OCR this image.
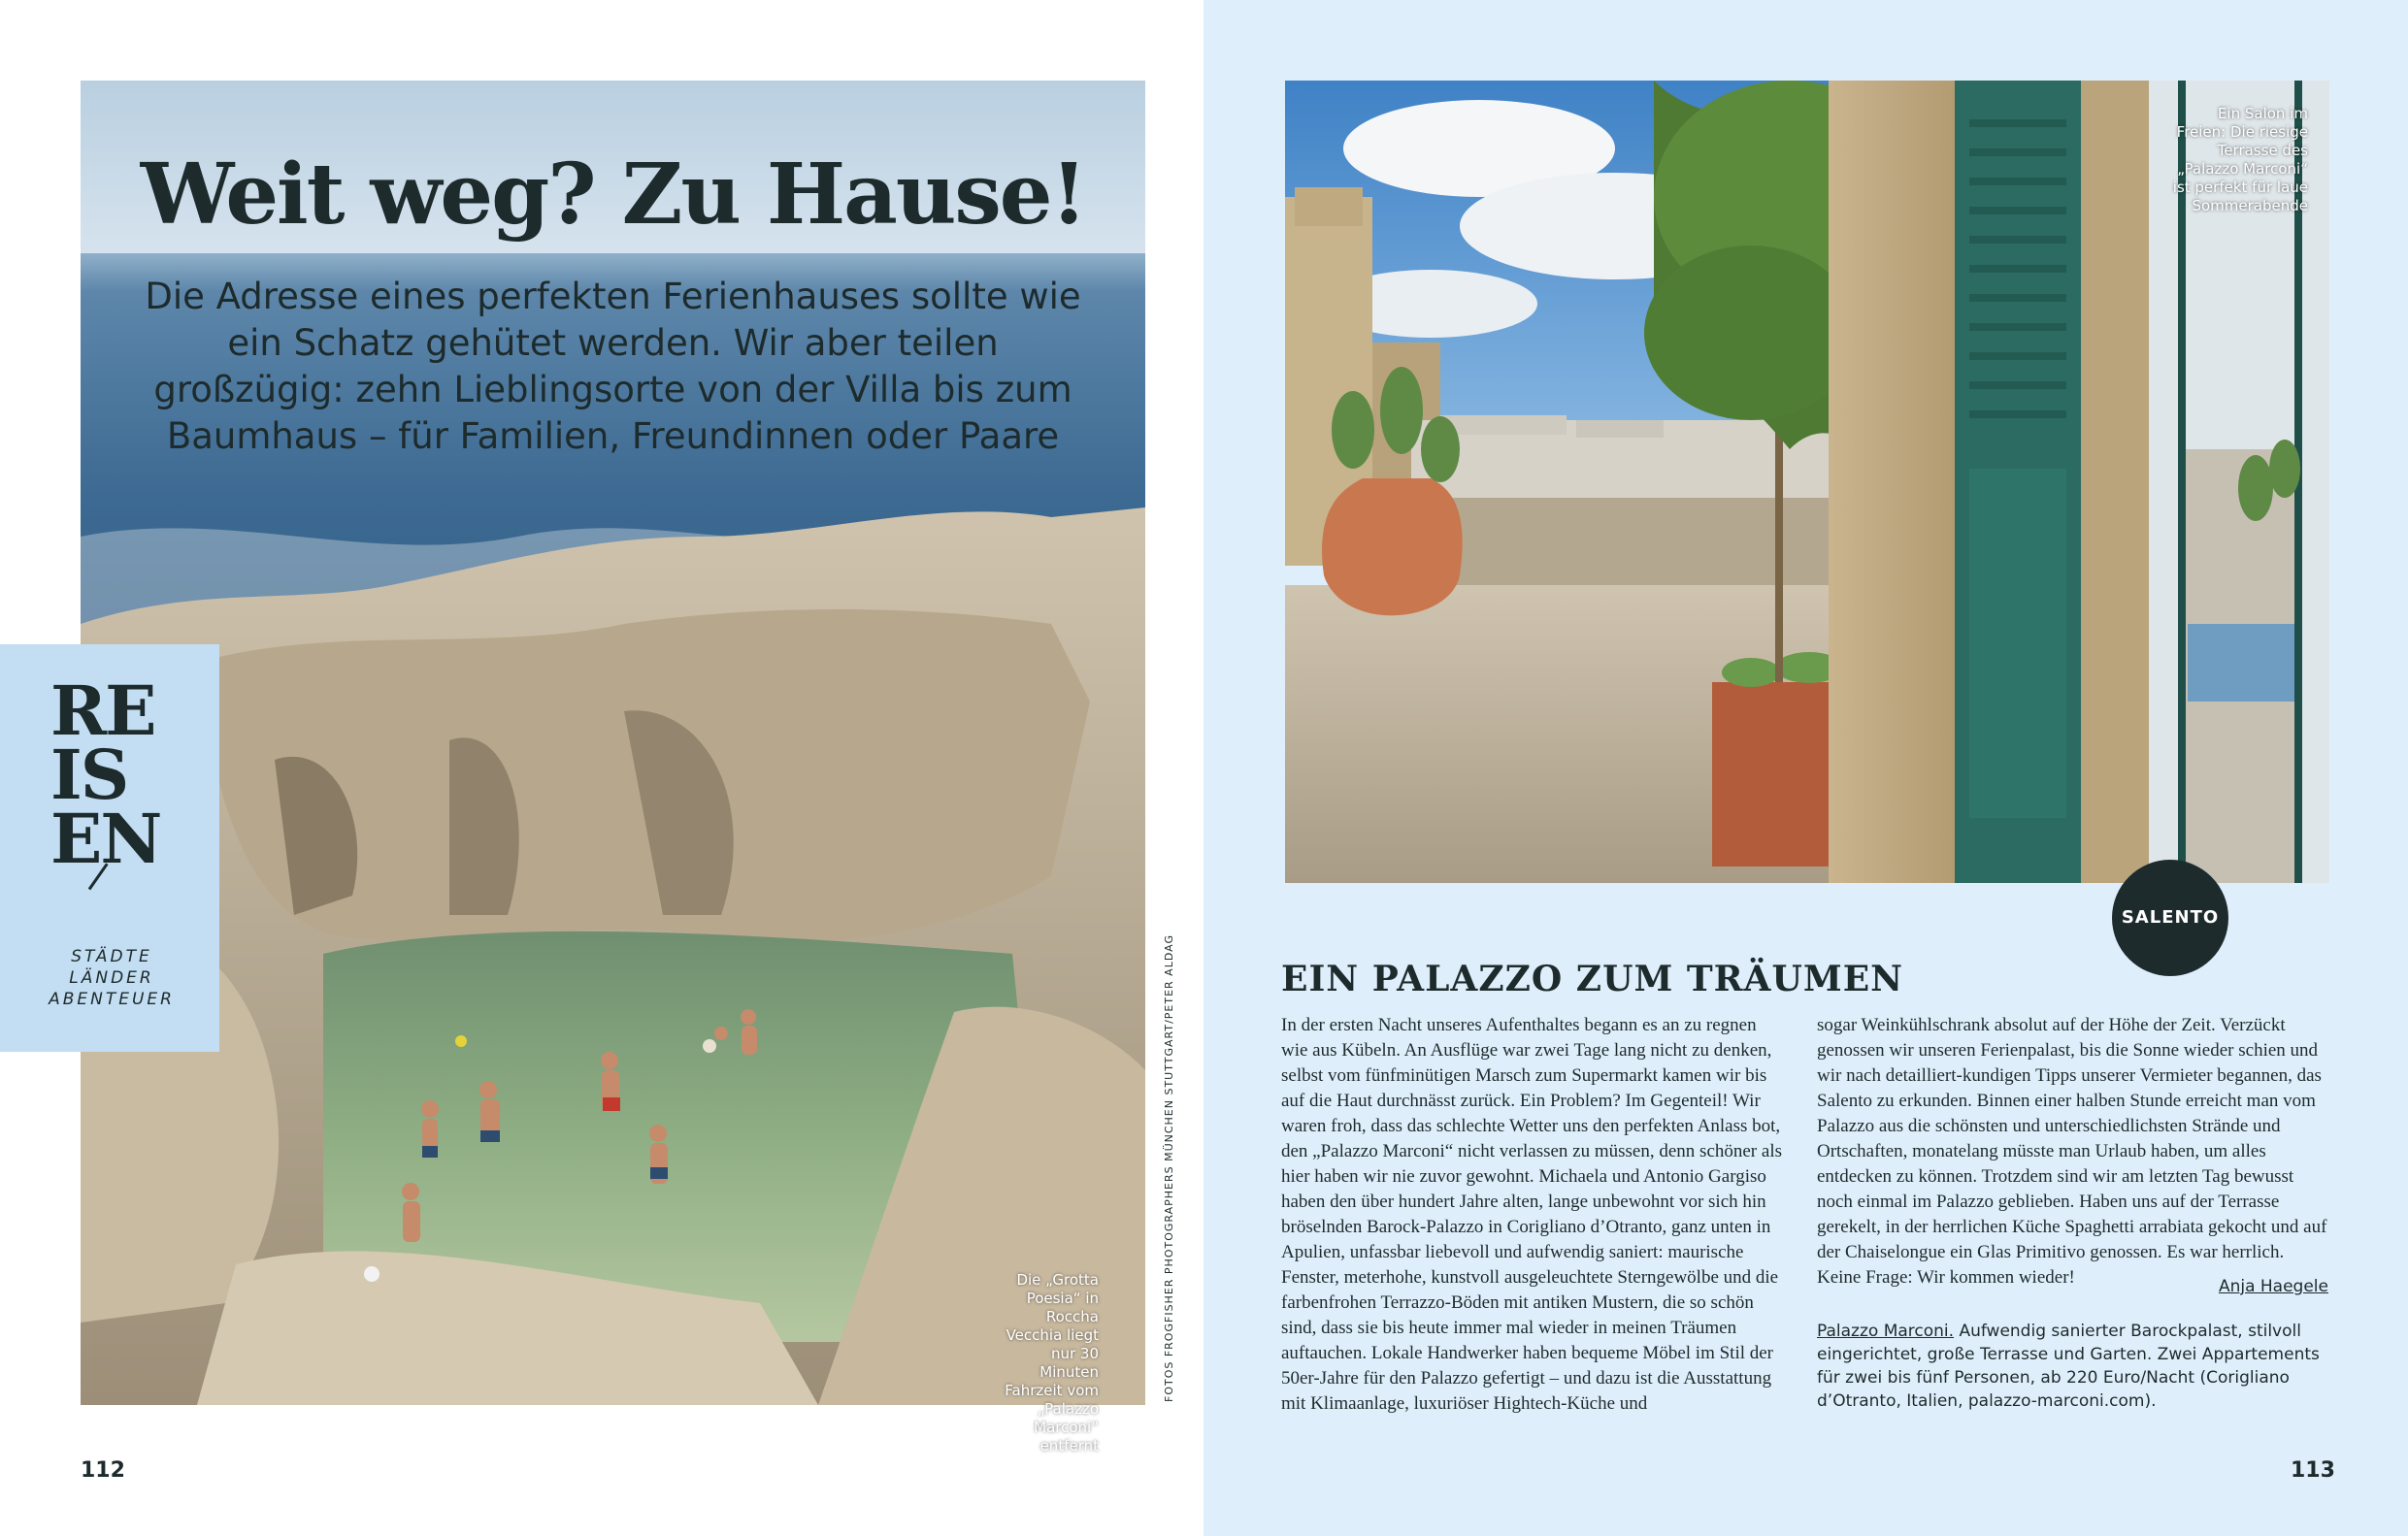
Weit weg? Zu Hause!

Die Adresse eines perfekten Ferienhauses sollte wie ein Schatz gehütet werden. Wir aber teilen großzügig: zehn Lieblingsorte von der Villa bis zum Baumhaus – für Familien, Freundinnen oder Paare

RE
IS
EN
STÄDTE
LÄNDER
ABENTEUER
Die „Grotta Poesia“ in Roccha Vecchia liegt nur 30 Minuten Fahrzeit vom „Palazzo Marconi“ entfernt
FOTOS FROGFISHER PHOTOGRAPHERS MÜNCHEN STUTTGART/PETER ALDAG
112
Ein Salon im Freien: Die riesige Terrasse des „Palazzo Marconi“ ist perfekt für laue Sommerabende
SALENTO
EIN PALAZZO ZUM TRÄUMEN

In der ersten Nacht unseres Aufenthaltes begann es an zu regnen wie aus Kübeln. An Ausflüge war zwei Tage lang nicht zu denken, selbst vom fünfminütigen Marsch zum Supermarkt kamen wir bis auf die Haut durchnässt zurück. Ein Problem? Im Gegenteil! Wir waren froh, dass das schlechte Wetter uns den perfekten Anlass bot, den „Palazzo Marconi“ nicht verlassen zu müssen, denn schöner als hier haben wir nie zuvor gewohnt. Michaela und Antonio Gargiso haben den über hundert Jahre alten, lange unbewohnt vor sich hin bröselnden Barock-Palazzo in Corigliano d’Otranto, ganz unten in Apulien, unfassbar liebevoll und aufwendig saniert: maurische Fenster, meterhohe, kunstvoll ausgeleuchtete Sterngewölbe und die farbenfrohen Terrazzo-Böden mit antiken Mustern, die so schön sind, dass sie bis heute immer mal wieder in meinen Träumen auftauchen. Lokale Handwerker haben bequeme Möbel im Stil der 50er-Jahre für den Palazzo gefertigt – und dazu ist die Ausstattung mit Klimaanlage, luxuriöser Hightech-Küche und

sogar Weinkühlschrank absolut auf der Höhe der Zeit. Verzückt genossen wir unseren Ferienpalast, bis die Sonne wieder schien und wir nach detailliert-kundigen Tipps unserer Vermieter begannen, das Salento zu erkunden. Binnen einer halben Stunde erreicht man vom Palazzo aus die schönsten und unterschiedlichsten Strände und Ortschaften, monatelang müsste man Urlaub haben, um alles entdecken zu können. Trotzdem sind wir am letzten Tag bewusst noch einmal im Palazzo geblieben. Haben uns auf der Terrasse gerekelt, in der herrlichen Küche Spaghetti arrabiata gekocht und auf der Chaiselongue ein Glas Primitivo genossen. Es war herrlich. Keine Frage: Wir kommen wieder!	Anja Haegele

Palazzo Marconi. Aufwendig sanierter Barockpalast, stilvoll eingerichtet, große Terrasse und Garten. Zwei Appartements für zwei bis fünf Personen, ab 220 Euro/Nacht (Corigliano d’Otranto, Italien, palazzo-marconi.com).

113
